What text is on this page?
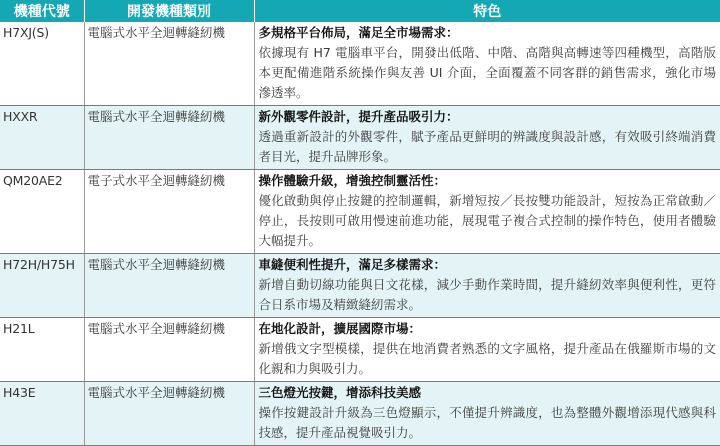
機種代號	開發機種類別	特色
H7XJ(S)	電腦式水平全迴轉縫紉機	多規格平台佈局，滿足全市場需求：
依據現有 H7 電腦車平台，開發出低階、中階、高階與高轉速等四種機型，高階版本更配備進階系統操作與友善 UI 介面，全面覆蓋不同客群的銷售需求，強化市場滲透率。

HXXR	電腦式水平全迴轉縫紉機	新外觀零件設計，提升產品吸引力：
透過重新設計的外觀零件，賦予產品更鮮明的辨識度與設計感，有效吸引終端消費者目光，提升品牌形象。

QM20AE2	電子式水平全迴轉縫紉機	操作體驗升級，增強控制靈活性：
優化啟動與停止按鍵的控制邏輯，新增短按／長按雙功能設計，短按為正常啟動／停止，長按則可啟用慢速前進功能，展現電子複合式控制的操作特色，使用者體驗大幅提升。

H72H/H75H	電腦式水平全迴轉縫紉機	車縫便利性提升，滿足多樣需求：
新增自動切線功能與日文花樣，減少手動作業時間，提升縫紉效率與便利性，更符合日系市場及精緻縫紉需求。

H21L	電腦式水平全迴轉縫紉機	在地化設計，擴展國際市場：
新增俄文字型模樣，提供在地消費者熟悉的文字風格，提升產品在俄羅斯市場的文化親和力與吸引力。

H43E	電腦式水平全迴轉縫紉機	三色燈光按鍵，增添科技美感
操作按鍵設計升級為三色燈顯示，不僅提升辨識度，也為整體外觀增添現代感與科技感，提升產品視覺吸引力。
